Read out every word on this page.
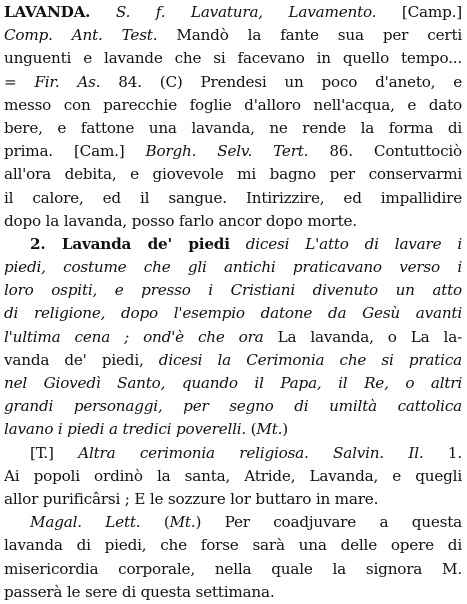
LAVANDA. S. f. Lavatura, Lavamento. [Camp.]
Comp. Ant. Test. Mandò la fante sua per certi
unguenti e lavande che si facevano in quello tempo...
= Fir. As. 84. (C) Prendesi un poco d'aneto, e
messo con parecchie foglie d'alloro nell'acqua, e dato
bere, e fattone una lavanda, ne rende la forma di
prima. [Cam.] Borgh. Selv. Tert. 86. Contuttociò
all'ora debita, e giovevole mi bagno per conservarmi
il calore, ed il sangue. Intirizzire, ed impallidire
dopo la lavanda, posso farlo ancor dopo morte.
2. Lavanda de' piedi dicesi L'atto di lavare i
piedi, costume che gli antichi praticavano verso i
loro ospiti, e presso i Cristiani divenuto un atto
di religione, dopo l'esempio datone da Gesù avanti
l'ultima cena ; ond'è che ora La lavanda, o La la-
vanda de' piedi, dicesi la Cerimonia che si pratica
nel Giovedì Santo, quando il Papa, il Re, o altri
grandi personaggi, per segno di umiltà cattolica
lavano i piedi a tredici poverelli. (Mt.)
[T.] Altra cerimonia religiosa. Salvin. Il. 1.
Ai popoli ordinò la santa, Atride, Lavanda, e quegli
allor purificârsi ; E le sozzure lor buttaro in mare.
Magal. Lett. (Mt.) Per coadjuvare a questa
lavanda di piedi, che forse sarà una delle opere di
misericordia corporale, nella quale la signora M.
passerà le sere di questa settimana.
